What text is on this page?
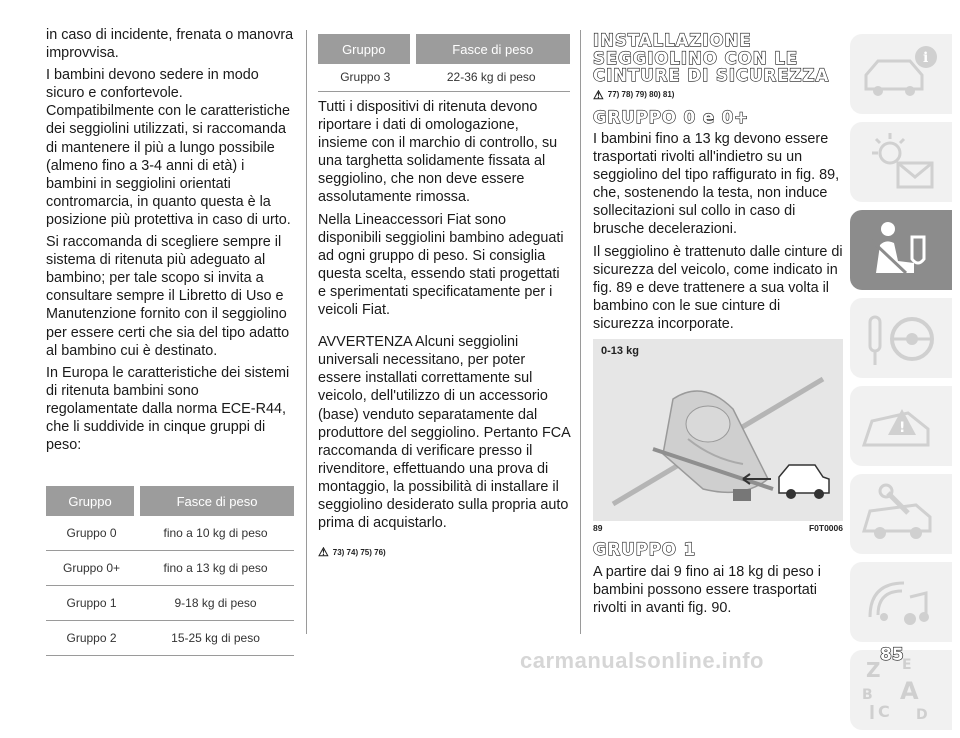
in caso di incidente, frenata o manovra improvvisa.

I bambini devono sedere in modo sicuro e confortevole. Compatibilmente con le caratteristiche dei seggiolini utilizzati, si raccomanda di mantenere il più a lungo possibile (almeno fino a 3-4 anni di età) i bambini in seggiolini orientati contromarcia, in quanto questa è la posizione più protettiva in caso di urto.

Si raccomanda di scegliere sempre il sistema di ritenuta più adeguato al bambino; per tale scopo si invita a consultare sempre il Libretto di Uso e Manutenzione fornito con il seggiolino per essere certi che sia del tipo adatto al bambino cui è destinato.

In Europa le caratteristiche dei sistemi di ritenuta bambini sono regolamentate dalla norma ECE-R44, che li suddivide in cinque gruppi di peso:

Gruppo	Fasce di peso
Gruppo 0	fino a 10 kg di peso
Gruppo 0+	fino a 13 kg di peso
Gruppo 1	9-18 kg di peso
Gruppo 2	15-25 kg di peso
Gruppo	Fasce di peso
Gruppo 3	22-36 kg di peso

Tutti i dispositivi di ritenuta devono riportare i dati di omologazione, insieme con il marchio di controllo, su una targhetta solidamente fissata al seggiolino, che non deve essere assolutamente rimossa.

Nella Lineaccessori Fiat sono disponibili seggiolini bambino adeguati ad ogni gruppo di peso. Si consiglia questa scelta, essendo stati progettati e sperimentati specificatamente per i veicoli Fiat.

AVVERTENZA Alcuni seggiolini universali necessitano, per poter essere installati correttamente sul veicolo, dell'utilizzo di un accessorio (base) venduto separatamente dal produttore del seggiolino. Pertanto FCA raccomanda di verificare presso il rivenditore, effettuando una prova di montaggio, la possibilità di installare il seggiolino desiderato sulla propria auto prima di acquistarlo.

⚠ 73) 74) 75) 76)
INSTALLAZIONE SEGGIOLINO CON LE CINTURE DI SICUREZZA
⚠ 77) 78) 79) 80) 81)
GRUPPO 0 e 0+

I bambini fino a 13 kg devono essere trasportati rivolti all'indietro su un seggiolino del tipo raffigurato in fig. 89, che, sostenendo la testa, non induce sollecitazioni sul collo in caso di brusche decelerazioni.

Il seggiolino è trattenuto dalle cinture di sicurezza del veicolo, come indicato in fig. 89 e deve trattenere a sua volta il bambino con le sue cinture di sicurezza incorporate.

0-13 kg
89	F0T0006
GRUPPO 1

A partire dai 9 fino ai 18 kg di peso i bambini possono essere trasportati rivolti in avanti fig. 90.

i
!
Z E
B A
C D
85
carmanualsonline.info
